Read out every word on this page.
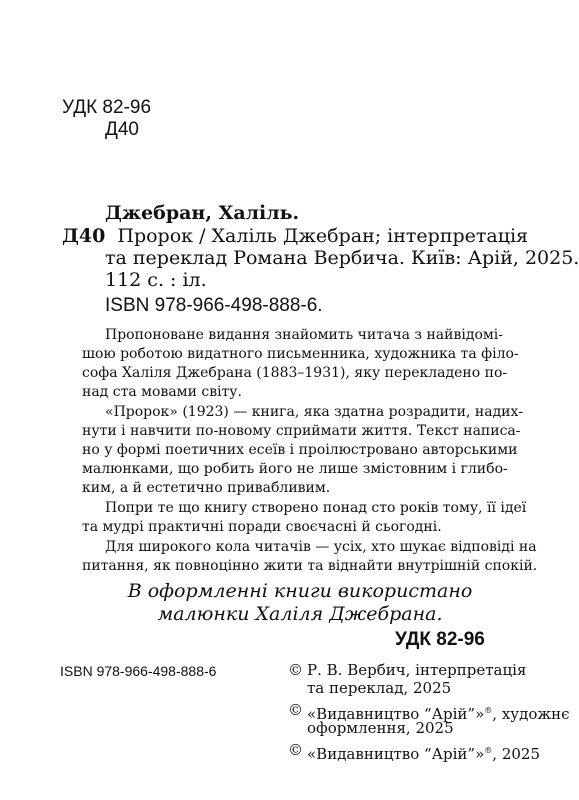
УДК 82-96
Д40
Джебран, Халіль.
Д40 Пророк / Халіль Джебран; інтерпретація
та переклад Романа Вербича. Київ: Арій, 2025.
112 с. : іл.
ISBN 978-966-498-888-6.
Пропоноване видання знайомить читача з найвідомі-
шою роботою видатного письменника, художника та філо-
софа Халіля Джебрана (1883–1931), яку перекладено по-
над ста мовами світу.
«Пророк» (1923) — книга, яка здатна розрадити, надих-
нути і навчити по-новому сприймати життя. Текст написа-
но у формі поетичних есеїв і проілюстровано авторськими
малюнками, що робить його не лише змістовним і глибо-
ким, а й естетично привабливим.
Попри те що книгу створено понад сто років тому, її ідеї
та мудрі практичні поради своєчасні й сьогодні.
Для широкого кола читачів — усіх, хто шукає відповіді на
питання, як повноцінно жити та віднайти внутрішній спокій.
В оформленні книги використано
малюнки Халіля Джебрана.
УДК 82-96
ISBN 978-966-498-888-6	© Р. В. Вербич, інтерпретація
та переклад, 2025
© «Видавництво “Арій”»®, художнє
оформлення, 2025
© «Видавництво “Арій”»®, 2025
